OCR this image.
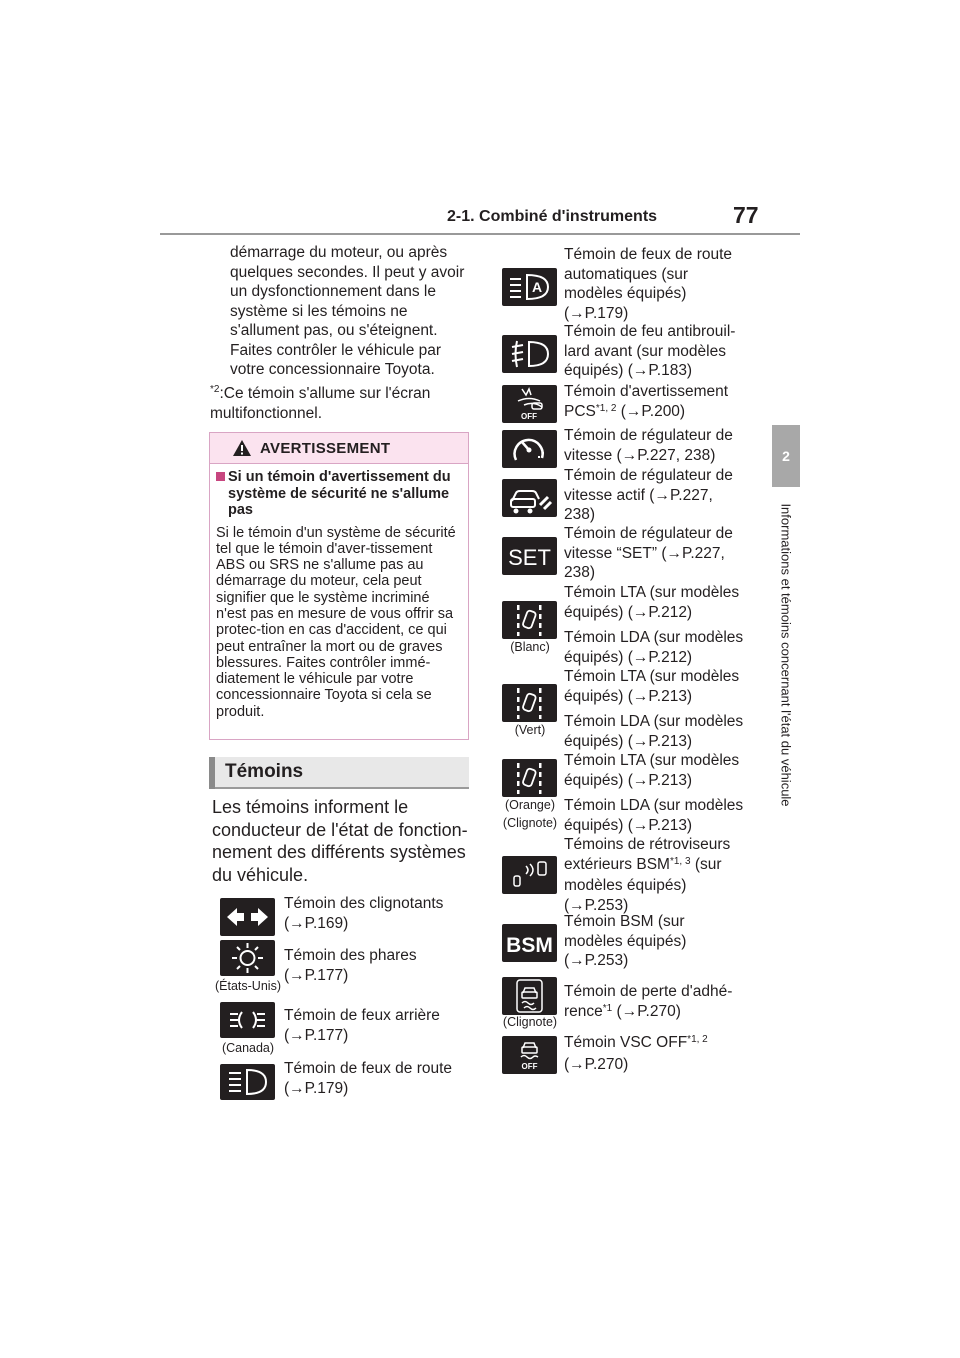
2-1. Combiné d'instruments	77
2
Informations et témoins concernant l'état du véhicule
démarrage du moteur, ou après quelques secondes. Il peut y avoir un dysfonctionnement dans le système si les témoins ne s'allument pas, ou s'éteignent. Faites contrôler le véhicule par votre concessionnaire Toyota.
$^{*2}$:Ce témoin s'allume sur l'écran multifonctionnel.
AVERTISSEMENT
Si un témoin d'avertissement du système de sécurité ne s'allume pas
Si le témoin d'un système de sécurité tel que le témoin d'aver-tissement ABS ou SRS ne s'allume pas au démarrage du moteur, cela peut signifier que le système incriminé n'est pas en mesure de vous offrir sa protec-tion en cas d'accident, ce qui peut entraîner la mort ou de graves blessures. Faites contrôler immé-diatement le véhicule par votre concessionnaire Toyota si cela se produit.
Témoins
Les témoins informent le conducteur de l'état de fonction-nement des différents systèmes du véhicule.
Témoin des clignotants (→P.169)
(États-Unis)
Témoin des phares (→P.177)
(Canada)
Témoin de feux arrière (→P.177)
Témoin de feux de route (→P.179)
A
Témoin de feux de route automatiques (sur modèles équipés) (→P.179)
Témoin de feu antibrouil-lard avant (sur modèles équipés) (→P.183)
OFF
Témoin d'avertissement PCS$^{*1, 2}$ (→P.200)
Témoin de régulateur de vitesse (→P.227, 238)
Témoin de régulateur de vitesse actif (→P.227, 238)
SET
Témoin de régulateur de vitesse “SET” (→P.227, 238)
(Blanc)
Témoin LTA (sur modèles équipés) (→P.212)
Témoin LDA (sur modèles équipés) (→P.212)
(Vert)
Témoin LTA (sur modèles équipés) (→P.213)
Témoin LDA (sur modèles équipés) (→P.213)
(Orange)
(Clignote)
Témoin LTA (sur modèles équipés) (→P.213)
Témoin LDA (sur modèles équipés) (→P.213)
Témoins de rétroviseurs extérieurs BSM$^{*1, 3}$ (sur modèles équipés) (→P.253)
BSM
Témoin BSM (sur modèles équipés) (→P.253)
(Clignote)
Témoin de perte d'adhé-rence$^{*1}$ (→P.270)
OFF
Témoin VSC OFF$^{*1, 2}$ (→P.270)
